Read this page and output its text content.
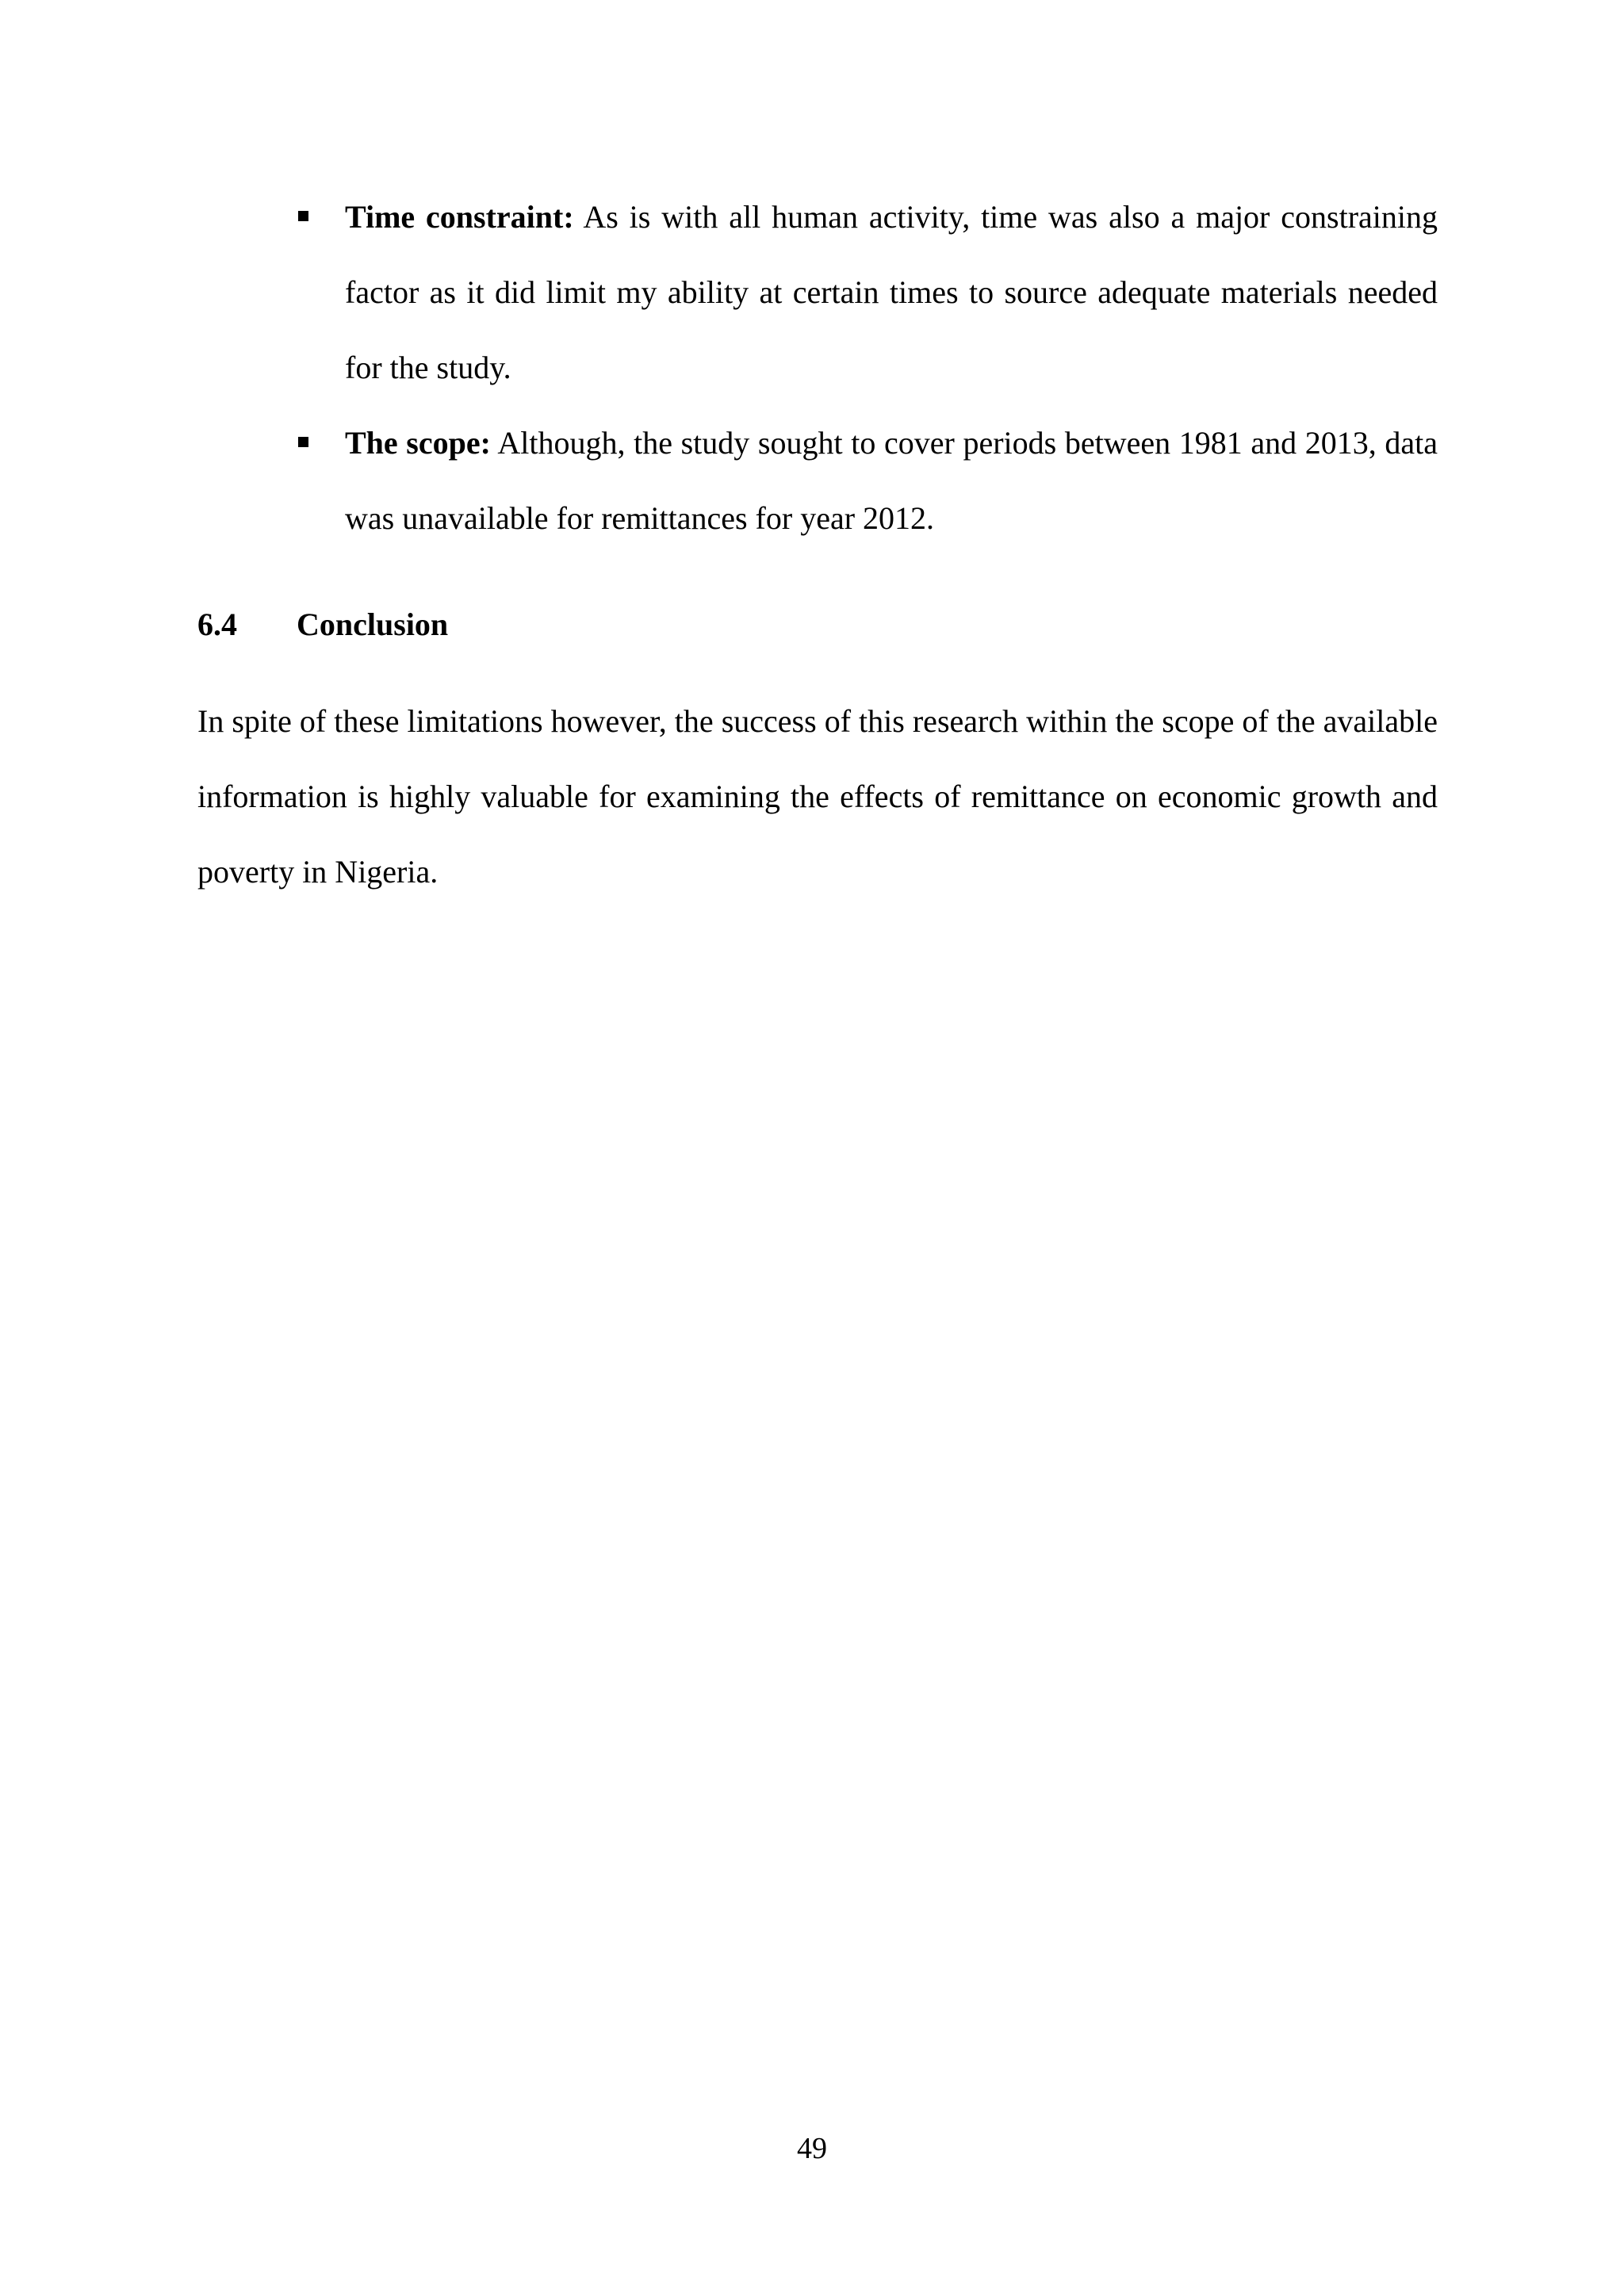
Time constraint: As is with all human activity, time was also a major constraining factor as it did limit my ability at certain times to source adequate materials needed for the study.
The scope: Although, the study sought to cover periods between 1981 and 2013, data was unavailable for remittances for year 2012.
6.4 Conclusion
In spite of these limitations however, the success of this research within the scope of the available information is highly valuable for examining the effects of remittance on economic growth and poverty in Nigeria.
49
